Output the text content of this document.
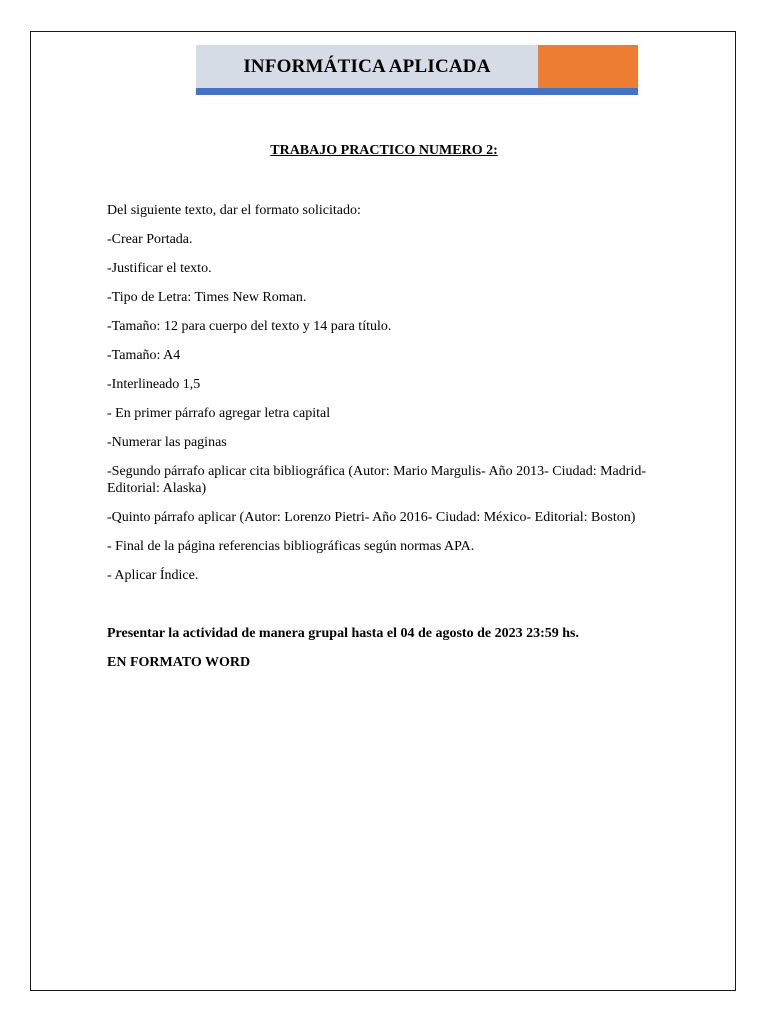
INFORMÁTICA APLICADA
TRABAJO PRACTICO NUMERO 2:

Del siguiente texto, dar el formato solicitado:

-Crear Portada.

-Justificar el texto.

-Tipo de Letra: Times New Roman.

-Tamaño: 12 para cuerpo del texto y 14 para título.

-Tamaño: A4

-Interlineado 1,5

- En primer párrafo agregar letra capital

-Numerar las paginas

-Segundo párrafo aplicar cita bibliográfica (Autor: Mario Margulis- Año 2013- Ciudad: Madrid- Editorial: Alaska)

-Quinto párrafo aplicar (Autor: Lorenzo Pietri- Año 2016- Ciudad: México- Editorial: Boston)

- Final de la página referencias bibliográficas según normas APA.

- Aplicar Índice.

Presentar la actividad de manera grupal hasta el 04 de agosto de 2023 23:59 hs.

EN FORMATO WORD
